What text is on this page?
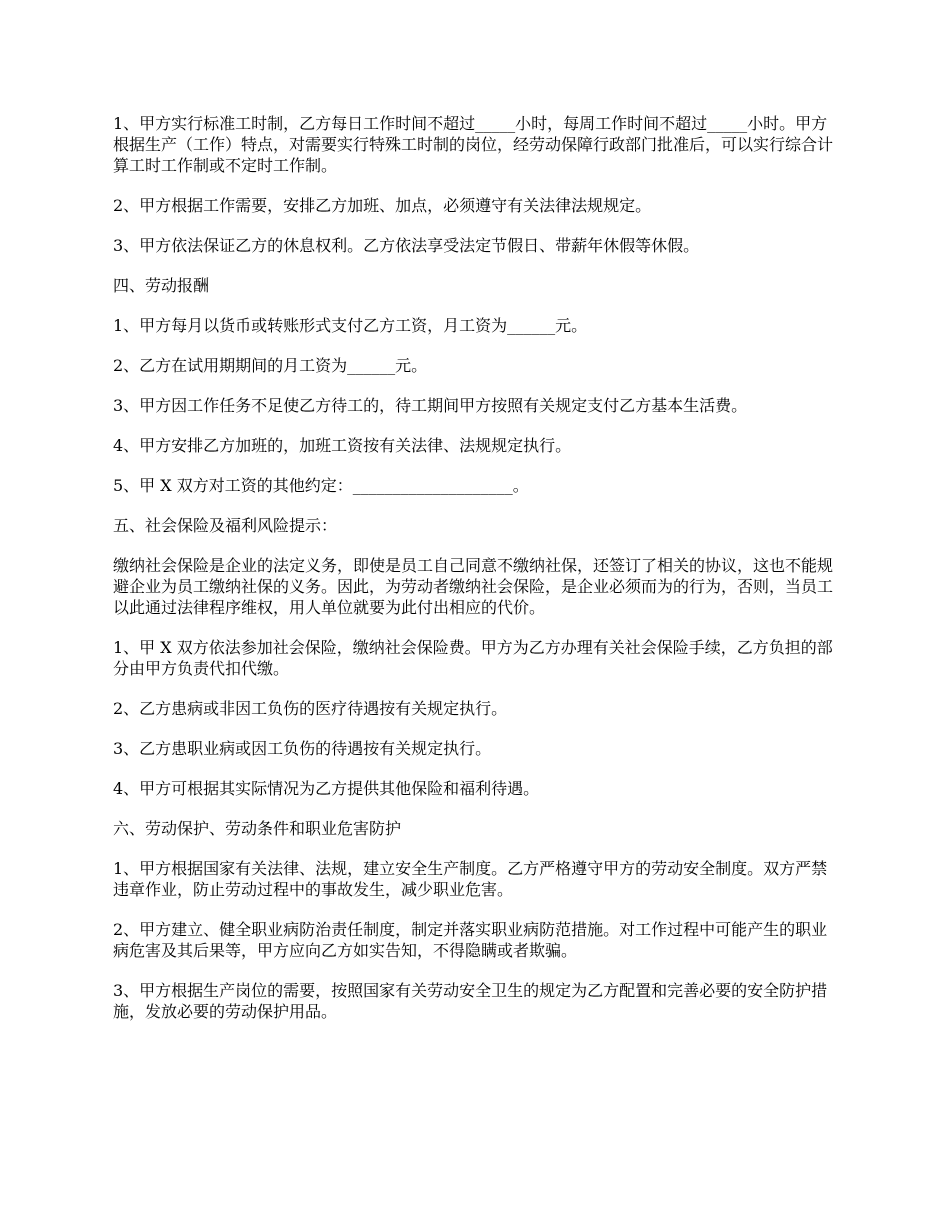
1、甲方实行标准工时制，乙方每日工作时间不超过_____小时，每周工作时间不超过_____小时。甲方根据生产（工作）特点，对需要实行特殊工时制的岗位，经劳动保障行政部门批准后，可以实行综合计算工时工作制或不定时工作制。

2、甲方根据工作需要，安排乙方加班、加点，必须遵守有关法律法规规定。

3、甲方依法保证乙方的休息权利。乙方依法享受法定节假日、带薪年休假等休假。

四、劳动报酬

1、甲方每月以货币或转账形式支付乙方工资，月工资为______元。

2、乙方在试用期期间的月工资为______元。

3、甲方因工作任务不足使乙方待工的，待工期间甲方按照有关规定支付乙方基本生活费。

4、甲方安排乙方加班的，加班工资按有关法律、法规规定执行。

5、甲 X 双方对工资的其他约定：____________________。

五、社会保险及福利风险提示：

缴纳社会保险是企业的法定义务，即使是员工自己同意不缴纳社保，还签订了相关的协议，这也不能规避企业为员工缴纳社保的义务。因此，为劳动者缴纳社会保险，是企业必须而为的行为，否则，当员工以此通过法律程序维权，用人单位就要为此付出相应的代价。

1、甲 X 双方依法参加社会保险，缴纳社会保险费。甲方为乙方办理有关社会保险手续，乙方负担的部分由甲方负责代扣代缴。

2、乙方患病或非因工负伤的医疗待遇按有关规定执行。

3、乙方患职业病或因工负伤的待遇按有关规定执行。

4、甲方可根据其实际情况为乙方提供其他保险和福利待遇。

六、劳动保护、劳动条件和职业危害防护

1、甲方根据国家有关法律、法规，建立安全生产制度。乙方严格遵守甲方的劳动安全制度。双方严禁违章作业，防止劳动过程中的事故发生，减少职业危害。

2、甲方建立、健全职业病防治责任制度，制定并落实职业病防范措施。对工作过程中可能产生的职业病危害及其后果等，甲方应向乙方如实告知，不得隐瞒或者欺骗。

3、甲方根据生产岗位的需要，按照国家有关劳动安全卫生的规定为乙方配置和完善必要的安全防护措施，发放必要的劳动保护用品。
